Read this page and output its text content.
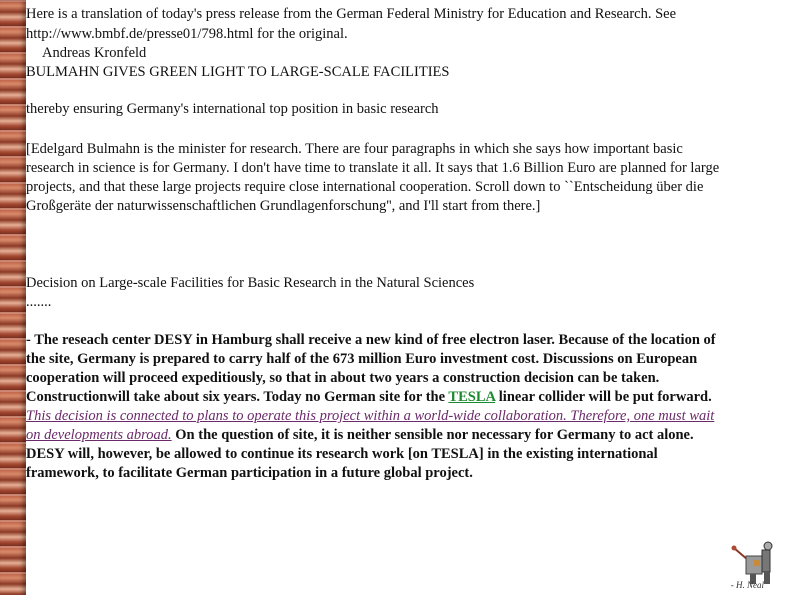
Here is a translation of today's press release from the German Federal Ministry for Education and Research. See
http://www.bmbf.de/presse01/798.html for the original.
Andreas Kronfeld
BULMAHN GIVES GREEN LIGHT TO LARGE-SCALE FACILITIES
thereby ensuring Germany's international top position in basic research
[Edelgard Bulmahn is the minister for research. There are four paragraphs in which she says how important basic
research in science is for Germany. I don't have time to translate it all. It says that 1.6 Billion Euro are planned for large
projects, and that these large projects require close international cooperation. Scroll down to ``Entscheidung über die
Großgeräte der naturwissenschaftlichen Grundlagenforschung'', and I'll start from there.]
Decision on Large-scale Facilities for Basic Research in the Natural Sciences
.......
- The reseach center DESY in Hamburg shall receive a new kind of free electron laser. Because of the location of
the site, Germany is prepared to carry half of the 673 million Euro investment cost. Discussions on European
cooperation will proceed expeditiously, so that in about two years a construction decision can be taken.
Constructionwill take about six years. Today no German site for the TESLA linear collider will be put forward.
This decision is connected to plans to operate this project within a world-wide collaboration. Therefore, one must wait
on developments abroad. On the question of site, it is neither sensible nor necessary for Germany to act alone.
DESY will, however, be allowed to continue its research work [on TESLA] in the existing international
framework, to facilitate German participation in a future global project.
- H. Neal
